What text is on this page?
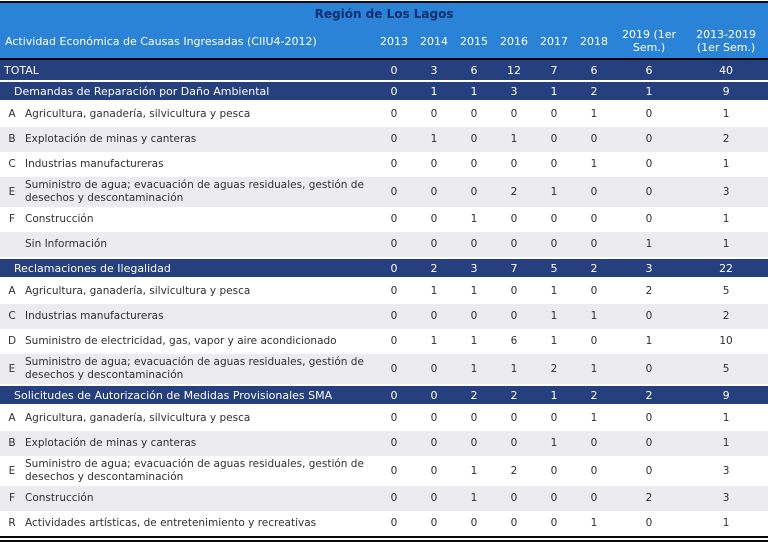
Región de Los Lagos									
Actividad Económica de Causas Ingresadas (CIIU4-2012)		2013	2014	2015	2016	2017	2018	2019 (1er Sem.)	2013-2019 (1er Sem.)
TOTAL		0	3	6	12	7	6	6	40
Demandas de Reparación por Daño Ambiental		0	1	1	3	1	2	1	9
A	Agricultura, ganadería, silvicultura y pesca	0	0	0	0	0	1	0	1
B	Explotación de minas y canteras	0	1	0	1	0	0	0	2
C	Industrias manufactureras	0	0	0	0	0	1	0	1
E	Suministro de agua; evacuación de aguas residuales, gestión de desechos y descontaminación	0	0	0	2	1	0	0	3
F	Construcción	0	0	1	0	0	0	0	1
	Sin Información	0	0	0	0	0	0	1	1
Reclamaciones de Ilegalidad		0	2	3	7	5	2	3	22
A	Agricultura, ganadería, silvicultura y pesca	0	1	1	0	1	0	2	5
C	Industrias manufactureras	0	0	0	0	1	1	0	2
D	Suministro de electricidad, gas, vapor y aire acondicionado	0	1	1	6	1	0	1	10
E	Suministro de agua; evacuación de aguas residuales, gestión de desechos y descontaminación	0	0	1	1	2	1	0	5
Solicitudes de Autorización de Medidas Provisionales SMA		0	0	2	2	1	2	2	9
A	Agricultura, ganadería, silvicultura y pesca	0	0	0	0	0	1	0	1
B	Explotación de minas y canteras	0	0	0	0	1	0	0	1
E	Suministro de agua; evacuación de aguas residuales, gestión de desechos y descontaminación	0	0	1	2	0	0	0	3
F	Construcción	0	0	1	0	0	0	2	3
R	Actividades artísticas, de entretenimiento y recreativas	0	0	0	0	0	1	0	1
